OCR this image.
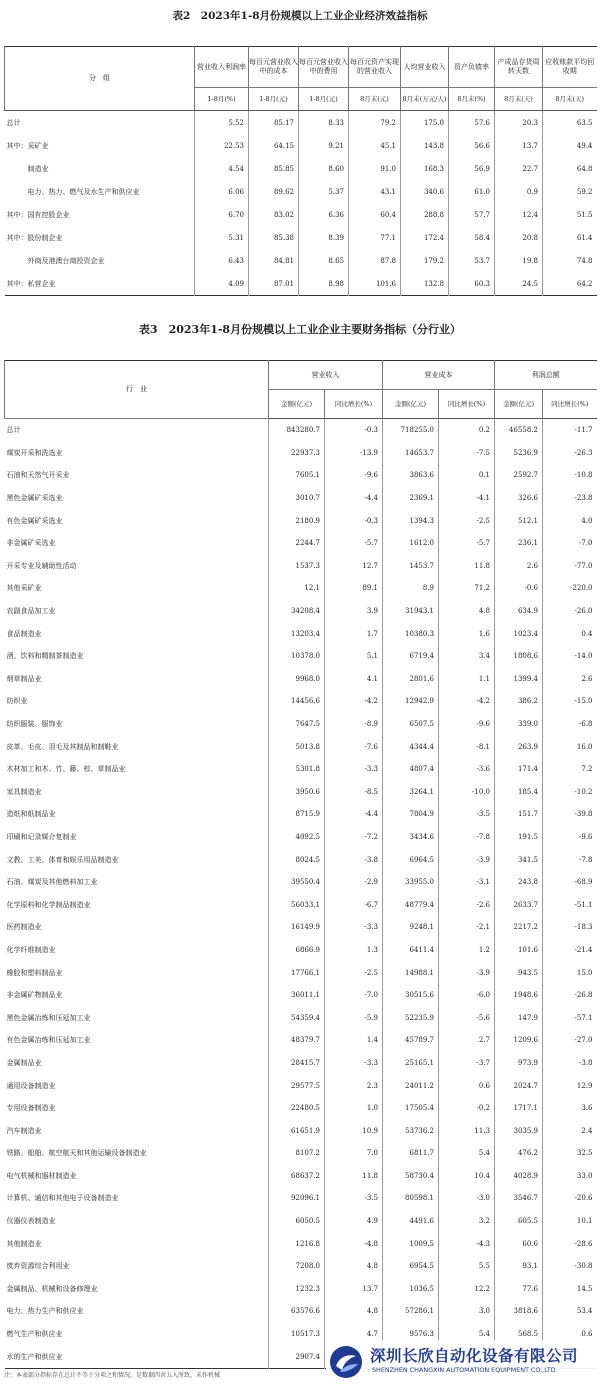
表2　2023年1-8月份规模以上工业企业经济效益指标
分　组	营业收入利润率	每百元营业收入中的成本	每百元营业收入中的费用	每百元资产实现的营业收入	人均营业收入	资产负债率	产成品存货周转天数	应收账款平均回收期
	1-8月(%)	1-8月(元)	1-8月(元)	8月末(元)	8月末(万元/人)	8月末(%)	8月末(天)	8月末(天)
总计	5.52	85.17	8.33	79.2	175.0	57.6	20.3	63.5
其中：采矿业	22.53	64.15	9.21	45.1	143.8	56.6	13.7	49.4
　　　制造业	4.54	85.85	8.60	91.0	168.3	56.9	22.7	64.8
　　　电力、热力、燃气及水生产和供应业	6.06	89.62	5.37	43.1	340.6	61.0	0.9	59.2
其中：国有控股企业	6.70	83.02	6.36	60.4	288.8	57.7	12.4	51.5
其中：股份制企业	5.31	85.38	8.39	77.1	172.4	58.4	20.8	61.4
　　　外商及港澳台商投资企业	6.43	84.81	8.65	87.8	179.2	53.7	19.8	74.8
其中：私营企业	4.09	87.01	8.98	101.6	132.8	60.3	24.5	64.2
表3　2023年1-8月份规模以上工业企业主要财务指标（分行业）
行　业	营业收入		营业成本		利润总额	
	金额(亿元)	同比增长(%)	金额(亿元)	同比增长(%)	金额(亿元)	同比增长(%)
总计	843280.7	-0.3	718255.0	0.2	46558.2	-11.7
煤炭开采和洗选业	22937.3	-13.9	14653.7	-7.5	5236.9	-26.3
石油和天然气开采业	7605.1	-9.6	3863.6	0.1	2592.7	-10.8
黑色金属矿采选业	3010.7	-4.4	2369.1	-4.1	326.6	-23.8
有色金属矿采选业	2180.9	-0.3	1394.3	-2.5	512.1	4.0
非金属矿采选业	2244.7	-5.7	1612.0	-5.7	236.1	-7.0
开采专业及辅助性活动	1537.3	12.7	1453.7	11.8	2.6	-77.0
其他采矿业	12.1	89.1	8.9	71.2	-0.6	-220.0
农副食品加工业	34208.4	3.9	31943.1	4.8	634.9	-26.0
食品制造业	13203.4	1.7	10380.3	1.6	1023.4	0.4
酒、饮料和精制茶制造业	10378.0	5.1	6719.4	3.4	1808.6	-14.0
烟草制品业	9968.0	4.1	2801.6	1.1	1399.4	2.6
纺织业	14456.6	-4.2	12942.9	-4.2	386.2	-15.0
纺织服装、服饰业	7647.5	-8.9	6507.5	-9.6	339.0	-6.8
皮革、毛皮、羽毛及其制品和制鞋业	5013.8	-7.6	4344.4	-8.1	263.9	16.0
木材加工和木、竹、藤、棕、草制品业	5301.8	-3.3	4807.4	-3.6	171.4	7.2
家具制造业	3950.6	-8.5	3264.1	-10.0	185.4	-10.2
造纸和纸制品业	8715.9	-4.4	7804.9	-3.5	151.7	-39.8
印刷和记录媒介复制业	4092.5	-7.2	3434.6	-7.8	191.5	-9.6
文教、工美、体育和娱乐用品制造业	8024.5	-3.8	6964.5	-3.9	341.5	-7.8
石油、煤炭及其他燃料加工业	39550.4	-2.9	33955.0	-3.1	243.8	-68.9
化学原料和化学制品制造业	56033.1	-6.7	48779.4	-2.6	2633.7	-51.1
医药制造业	16149.9	-3.3	9248.1	-2.1	2217.2	-18.3
化学纤维制造业	6866.9	1.3	6411.4	1.2	101.6	-21.4
橡胶和塑料制品业	17766.1	-2.5	14988.1	-3.9	943.5	15.0
非金属矿物制品业	36011.1	-7.0	30515.6	-6.0	1948.6	-26.8
黑色金属冶炼和压延加工业	54359.4	-5.9	52235.9	-5.6	147.9	-57.1
有色金属冶炼和压延加工业	48379.7	1.4	45789.7	2.7	1209.6	-27.0
金属制品业	28415.7	-3.3	25165.1	-3.7	973.9	-3.8
通用设备制造业	29577.5	2.3	24011.2	0.6	2024.7	12.9
专用设备制造业	22480.5	1.0	17505.4	-0.2	1717.1	3.6
汽车制造业	61651.9	10.9	53736.2	11.3	3035.9	2.4
铁路、船舶、航空航天和其他运输设备制造业	8107.2	7.0	6811.7	5.4	476.2	32.5
电气机械和器材制造业	68637.2	11.8	58730.4	10.4	4028.9	33.0
计算机、通信和其他电子设备制造业	92096.1	-3.5	80598.1	-3.0	3546.7	-20.6
仪器仪表制造业	6050.5	4.9	4491.6	3.2	605.5	10.1
其他制造业	1216.8	-4.8	1009.5	-4.3	60.6	-28.6
废弃资源综合利用业	7208.0	4.8	6954.5	5.5	93.1	-30.8
金属制品、机械和设备修理业	1232.3	13.7	1036.5	12.2	77.6	14.5
电力、热力生产和供应业	63576.6	4.8	57286.1	3.0	3818.6	53.4
燃气生产和供应业	10517.3	4.7	9576.3	5.4	568.5	0.6
水的生产和供应业	2907.4					
注：本表部分指标存在总计不等于分项之和情况，是数据四舍五入所致，未作机械
深圳长欣自动化设备有限公司
SHENZHEN CHANGXIN AUTOMATION EQUIPMENT CO.,LTD
